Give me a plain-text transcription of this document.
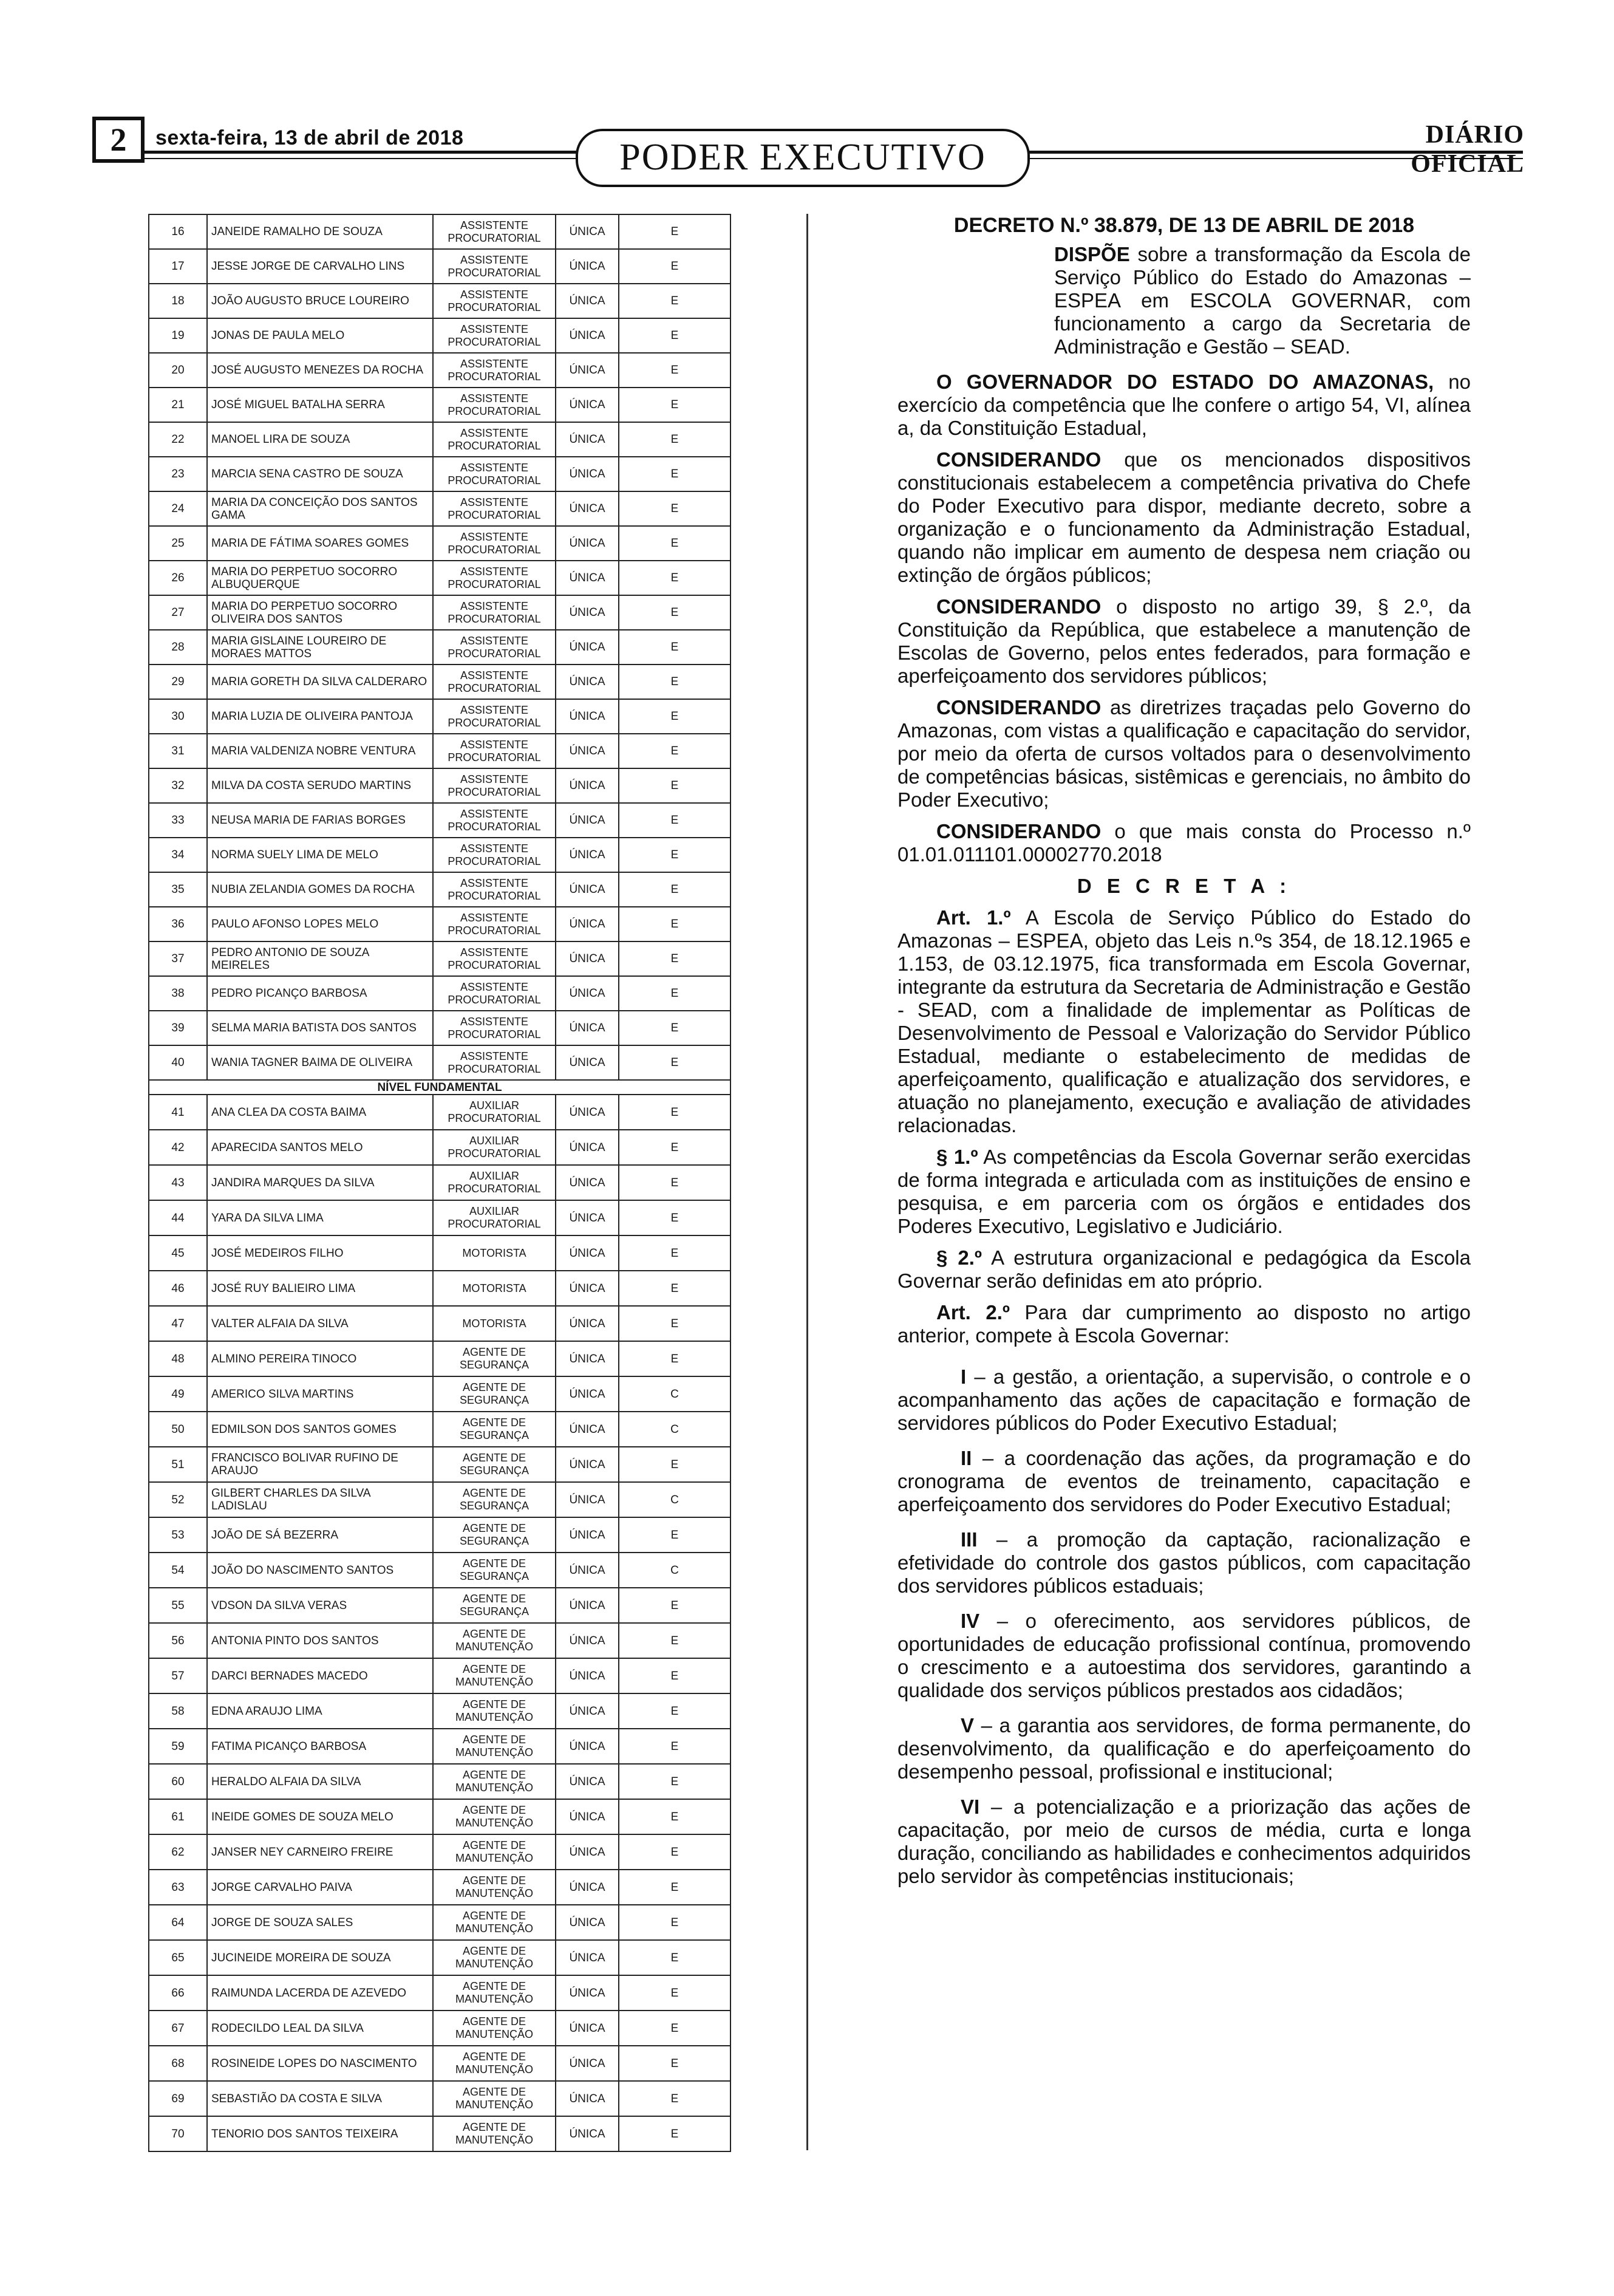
2	sexta-feira, 13 de abril de 2018	PODER EXECUTIVO
DIÁRIO OFICIAL
16	JANEIDE RAMALHO DE SOUZA	ASSISTENTE PROCURATORIAL	ÚNICA	E
17	JESSE JORGE DE CARVALHO LINS	ASSISTENTE PROCURATORIAL	ÚNICA	E
18	JOÃO AUGUSTO BRUCE LOUREIRO	ASSISTENTE PROCURATORIAL	ÚNICA	E
19	JONAS DE PAULA MELO	ASSISTENTE PROCURATORIAL	ÚNICA	E
20	JOSÉ AUGUSTO MENEZES DA ROCHA	ASSISTENTE PROCURATORIAL	ÚNICA	E
21	JOSÉ MIGUEL BATALHA SERRA	ASSISTENTE PROCURATORIAL	ÚNICA	E
22	MANOEL LIRA DE SOUZA	ASSISTENTE PROCURATORIAL	ÚNICA	E
23	MARCIA SENA CASTRO DE SOUZA	ASSISTENTE PROCURATORIAL	ÚNICA	E
24	MARIA DA CONCEIÇÃO DOS SANTOS GAMA	ASSISTENTE PROCURATORIAL	ÚNICA	E
25	MARIA DE FÁTIMA SOARES GOMES	ASSISTENTE PROCURATORIAL	ÚNICA	E
26	MARIA DO PERPETUO SOCORRO ALBUQUERQUE	ASSISTENTE PROCURATORIAL	ÚNICA	E
27	MARIA DO PERPETUO SOCORRO OLIVEIRA DOS SANTOS	ASSISTENTE PROCURATORIAL	ÚNICA	E
28	MARIA GISLAINE LOUREIRO DE MORAES MATTOS	ASSISTENTE PROCURATORIAL	ÚNICA	E
29	MARIA GORETH DA SILVA CALDERARO	ASSISTENTE PROCURATORIAL	ÚNICA	E
30	MARIA LUZIA DE OLIVEIRA PANTOJA	ASSISTENTE PROCURATORIAL	ÚNICA	E
31	MARIA VALDENIZA NOBRE VENTURA	ASSISTENTE PROCURATORIAL	ÚNICA	E
32	MILVA DA COSTA SERUDO MARTINS	ASSISTENTE PROCURATORIAL	ÚNICA	E
33	NEUSA MARIA DE FARIAS BORGES	ASSISTENTE PROCURATORIAL	ÚNICA	E
34	NORMA SUELY LIMA DE MELO	ASSISTENTE PROCURATORIAL	ÚNICA	E
35	NUBIA ZELANDIA GOMES DA ROCHA	ASSISTENTE PROCURATORIAL	ÚNICA	E
36	PAULO AFONSO LOPES MELO	ASSISTENTE PROCURATORIAL	ÚNICA	E
37	PEDRO ANTONIO DE SOUZA MEIRELES	ASSISTENTE PROCURATORIAL	ÚNICA	E
38	PEDRO PICANÇO BARBOSA	ASSISTENTE PROCURATORIAL	ÚNICA	E
39	SELMA MARIA BATISTA DOS SANTOS	ASSISTENTE PROCURATORIAL	ÚNICA	E
40	WANIA TAGNER BAIMA DE OLIVEIRA	ASSISTENTE PROCURATORIAL	ÚNICA	E
NÍVEL FUNDAMENTAL				
41	ANA CLEA DA COSTA BAIMA	AUXILIAR PROCURATORIAL	ÚNICA	E
42	APARECIDA SANTOS MELO	AUXILIAR PROCURATORIAL	ÚNICA	E
43	JANDIRA MARQUES DA SILVA	AUXILIAR PROCURATORIAL	ÚNICA	E
44	YARA DA SILVA LIMA	AUXILIAR PROCURATORIAL	ÚNICA	E
45	JOSÉ MEDEIROS FILHO	MOTORISTA	ÚNICA	E
46	JOSÉ RUY BALIEIRO LIMA	MOTORISTA	ÚNICA	E
47	VALTER ALFAIA DA SILVA	MOTORISTA	ÚNICA	E
48	ALMINO PEREIRA TINOCO	AGENTE DE SEGURANÇA	ÚNICA	E
49	AMERICO SILVA MARTINS	AGENTE DE SEGURANÇA	ÚNICA	C
50	EDMILSON DOS SANTOS GOMES	AGENTE DE SEGURANÇA	ÚNICA	C
51	FRANCISCO BOLIVAR RUFINO DE ARAUJO	AGENTE DE SEGURANÇA	ÚNICA	E
52	GILBERT CHARLES DA SILVA LADISLAU	AGENTE DE SEGURANÇA	ÚNICA	C
53	JOÃO DE SÁ BEZERRA	AGENTE DE SEGURANÇA	ÚNICA	E
54	JOÃO DO NASCIMENTO SANTOS	AGENTE DE SEGURANÇA	ÚNICA	C
55	VDSON DA SILVA VERAS	AGENTE DE SEGURANÇA	ÚNICA	E
56	ANTONIA PINTO DOS SANTOS	AGENTE DE MANUTENÇÃO	ÚNICA	E
57	DARCI BERNADES MACEDO	AGENTE DE MANUTENÇÃO	ÚNICA	E
58	EDNA ARAUJO LIMA	AGENTE DE MANUTENÇÃO	ÚNICA	E
59	FATIMA PICANÇO BARBOSA	AGENTE DE MANUTENÇÃO	ÚNICA	E
60	HERALDO ALFAIA DA SILVA	AGENTE DE MANUTENÇÃO	ÚNICA	E
61	INEIDE GOMES DE SOUZA MELO	AGENTE DE MANUTENÇÃO	ÚNICA	E
62	JANSER NEY CARNEIRO FREIRE	AGENTE DE MANUTENÇÃO	ÚNICA	E
63	JORGE CARVALHO PAIVA	AGENTE DE MANUTENÇÃO	ÚNICA	E
64	JORGE DE SOUZA SALES	AGENTE DE MANUTENÇÃO	ÚNICA	E
65	JUCINEIDE MOREIRA DE SOUZA	AGENTE DE MANUTENÇÃO	ÚNICA	E
66	RAIMUNDA LACERDA DE AZEVEDO	AGENTE DE MANUTENÇÃO	ÚNICA	E
67	RODECILDO LEAL DA SILVA	AGENTE DE MANUTENÇÃO	ÚNICA	E
68	ROSINEIDE LOPES DO NASCIMENTO	AGENTE DE MANUTENÇÃO	ÚNICA	E
69	SEBASTIÃO DA COSTA E SILVA	AGENTE DE MANUTENÇÃO	ÚNICA	E
70	TENORIO DOS SANTOS TEIXEIRA	AGENTE DE MANUTENÇÃO	ÚNICA	E
DECRETO N.º 38.879, DE 13 DE ABRIL DE 2018
DISPÕE sobre a transformação da Escola de Serviço Público do Estado do Amazonas – ESPEA em ESCOLA GOVERNAR, com funcionamento a cargo da Secretaria de Administração e Gestão – SEAD.

O GOVERNADOR DO ESTADO DO AMAZONAS, no exercício da competência que lhe confere o artigo 54, VI, alínea a, da Constituição Estadual,

CONSIDERANDO que os mencionados dispositivos constitucionais estabelecem a competência privativa do Chefe do Poder Executivo para dispor, mediante decreto, sobre a organização e o funcionamento da Administração Estadual, quando não implicar em aumento de despesa nem criação ou extinção de órgãos públicos;

CONSIDERANDO o disposto no artigo 39, § 2.º, da Constituição da República, que estabelece a manutenção de Escolas de Governo, pelos entes federados, para formação e aperfeiçoamento dos servidores públicos;

CONSIDERANDO as diretrizes traçadas pelo Governo do Amazonas, com vistas a qualificação e capacitação do servidor, por meio da oferta de cursos voltados para o desenvolvimento de competências básicas, sistêmicas e gerenciais, no âmbito do Poder Executivo;

CONSIDERANDO o que mais consta do Processo n.º 01.01.011101.00002770.2018

D E C R E T A :

Art. 1.º A Escola de Serviço Público do Estado do Amazonas – ESPEA, objeto das Leis n.ºs 354, de 18.12.1965 e 1.153, de 03.12.1975, fica transformada em Escola Governar, integrante da estrutura da Secretaria de Administração e Gestão - SEAD, com a finalidade de implementar as Políticas de Desenvolvimento de Pessoal e Valorização do Servidor Público Estadual, mediante o estabelecimento de medidas de aperfeiçoamento, qualificação e atualização dos servidores, e atuação no planejamento, execução e avaliação de atividades relacionadas.

§ 1.º As competências da Escola Governar serão exercidas de forma integrada e articulada com as instituições de ensino e pesquisa, e em parceria com os órgãos e entidades dos Poderes Executivo, Legislativo e Judiciário.

§ 2.º A estrutura organizacional e pedagógica da Escola Governar serão definidas em ato próprio.

Art. 2.º Para dar cumprimento ao disposto no artigo anterior, compete à Escola Governar:

I – a gestão, a orientação, a supervisão, o controle e o acompanhamento das ações de capacitação e formação de servidores públicos do Poder Executivo Estadual;

II – a coordenação das ações, da programação e do cronograma de eventos de treinamento, capacitação e aperfeiçoamento dos servidores do Poder Executivo Estadual;

III – a promoção da captação, racionalização e efetividade do controle dos gastos públicos, com capacitação dos servidores públicos estaduais;

IV – o oferecimento, aos servidores públicos, de oportunidades de educação profissional contínua, promovendo o crescimento e a autoestima dos servidores, garantindo a qualidade dos serviços públicos prestados aos cidadãos;

V – a garantia aos servidores, de forma permanente, do desenvolvimento, da qualificação e do aperfeiçoamento do desempenho pessoal, profissional e institucional;

VI – a potencialização e a priorização das ações de capacitação, por meio de cursos de média, curta e longa duração, conciliando as habilidades e conhecimentos adquiridos pelo servidor às competências institucionais;
